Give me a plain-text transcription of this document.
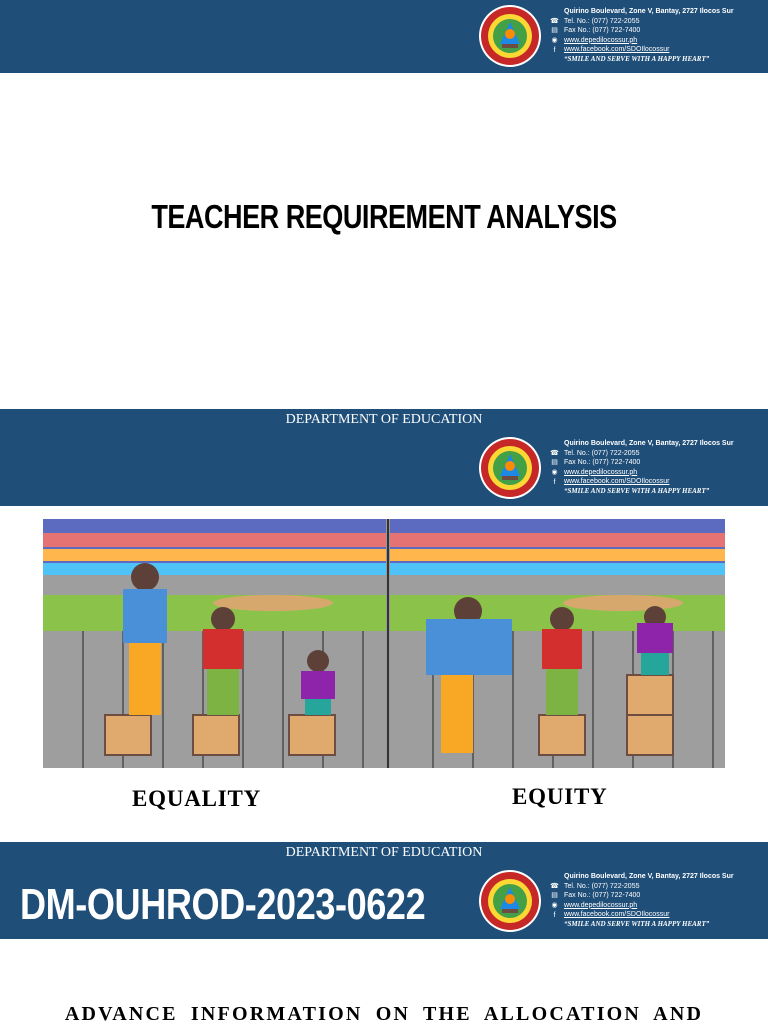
Quirino Boulevard, Zone V, Bantay, 2727 Ilocos Sur
☎ Tel. No.: (077) 722-2055
▤ Fax No.: (077) 722-7400
◉ www.depedilocossur.ph
f	www.facebook.com/SDOIlocossur
“SMILE AND SERVE WITH A HAPPY HEART”
TEACHER REQUIREMENT ANALYSIS
DEPARTMENT OF EDUCATION
Quirino Boulevard, Zone V, Bantay, 2727 Ilocos Sur
☎ Tel. No.: (077) 722-2055
▤ Fax No.: (077) 722-7400
◉ www.depedilocossur.ph
f	www.facebook.com/SDOIlocossur
“SMILE AND SERVE WITH A HAPPY HEART”
EQUALITY	EQUITY
DEPARTMENT OF EDUCATION
DM-OUHROD-2023-0622
Quirino Boulevard, Zone V, Bantay, 2727 Ilocos Sur
☎ Tel. No.: (077) 722-2055
▤ Fax No.: (077) 722-7400
◉ www.depedilocossur.ph
f	www.facebook.com/SDOIlocossur
“SMILE AND SERVE WITH A HAPPY HEART”
ADVANCE INFORMATION ON THE ALLOCATION AND
